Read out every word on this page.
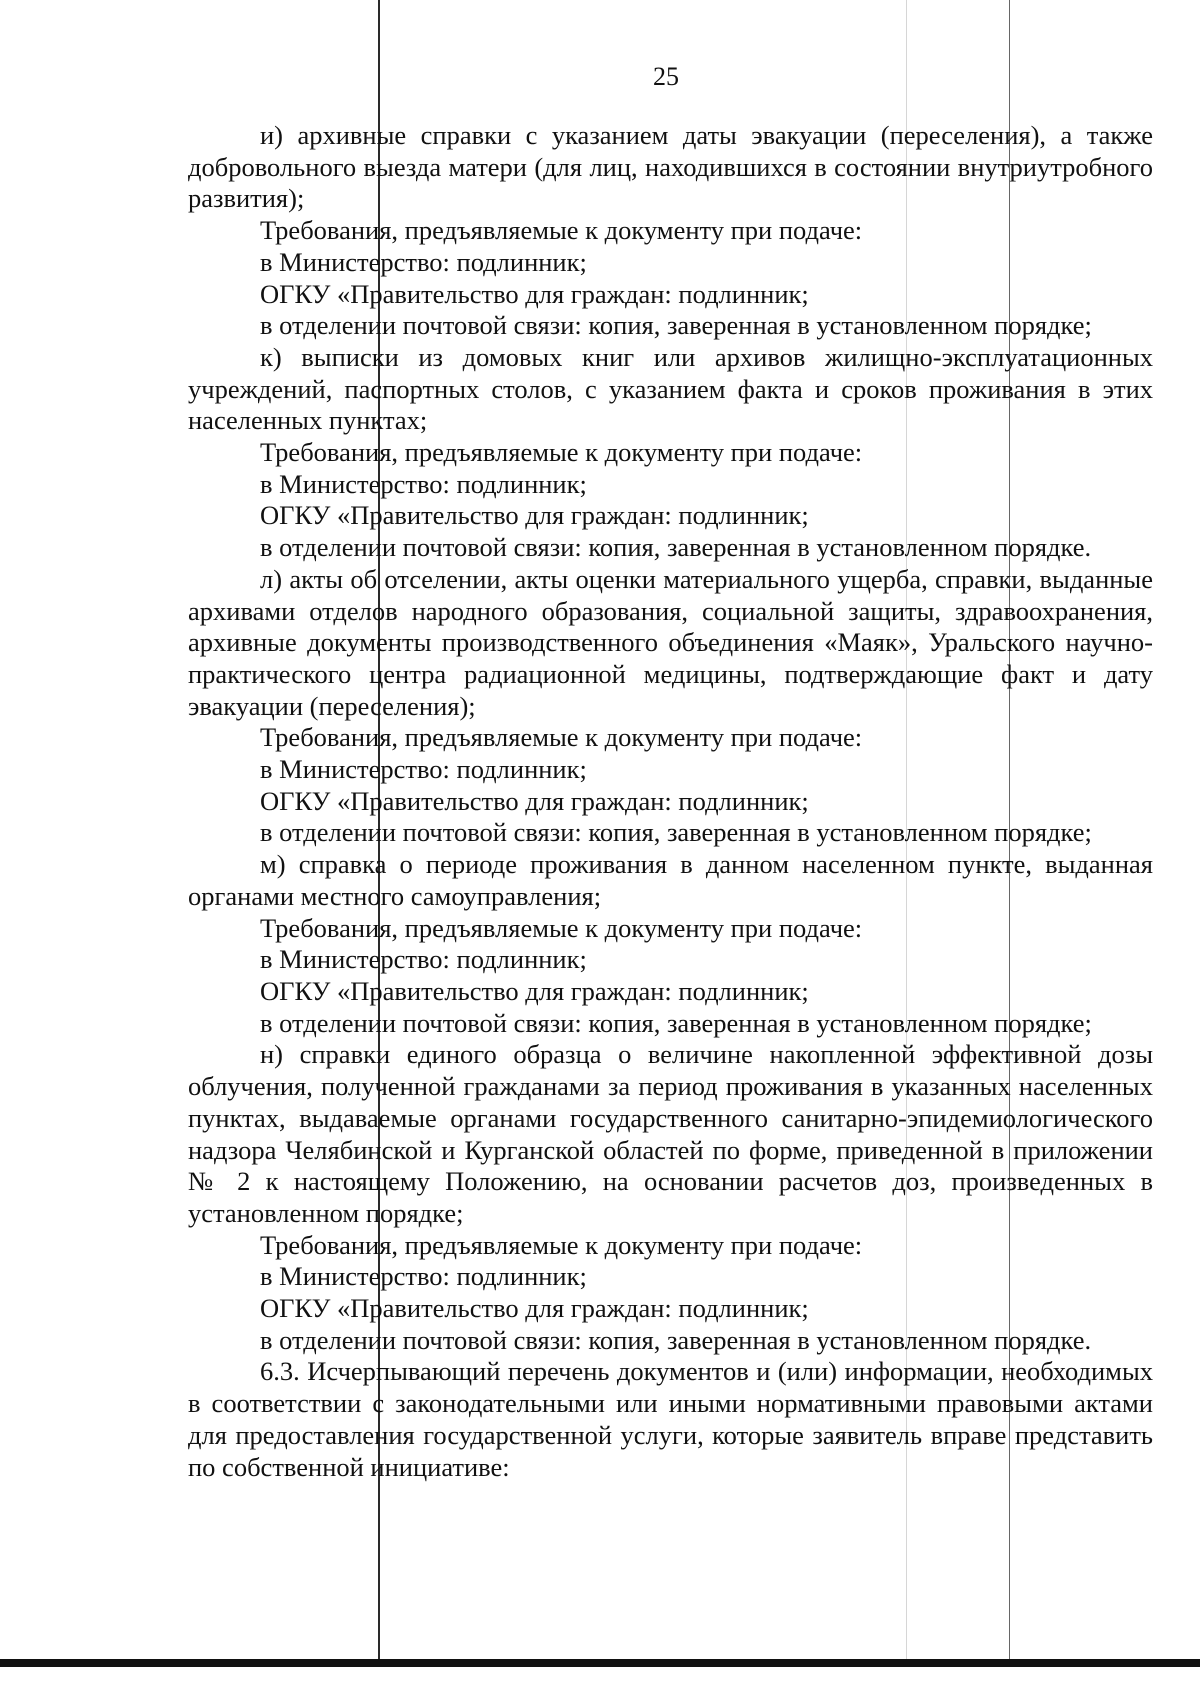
25

и) архивные справки с указанием даты эвакуации (переселения), а также добровольного выезда матери (для лиц, находившихся в состоянии внутриутробного развития);

Требования, предъявляемые к документу при подаче:

в Министерство: подлинник;

ОГКУ «Правительство для граждан: подлинник;

в отделении почтовой связи: копия, заверенная в установленном порядке;

к) выписки из домовых книг или архивов жилищно-эксплуатационных учреждений, паспортных столов, с указанием факта и сроков проживания в этих населенных пунктах;

Требования, предъявляемые к документу при подаче:

в Министерство: подлинник;

ОГКУ «Правительство для граждан: подлинник;

в отделении почтовой связи: копия, заверенная в установленном порядке.

л) акты об отселении, акты оценки материального ущерба, справки, выданные архивами отделов народного образования, социальной защиты, здравоохранения, архивные документы производственного объединения «Маяк», Уральского научно-практического центра радиационной медицины, подтверждающие факт и дату эвакуации (переселения);

Требования, предъявляемые к документу при подаче:

в Министерство: подлинник;

ОГКУ «Правительство для граждан: подлинник;

в отделении почтовой связи: копия, заверенная в установленном порядке;

м) справка о периоде проживания в данном населенном пункте, выданная органами местного самоуправления;

Требования, предъявляемые к документу при подаче:

в Министерство: подлинник;

ОГКУ «Правительство для граждан: подлинник;

в отделении почтовой связи: копия, заверенная в установленном порядке;

н) справки единого образца о величине накопленной эффективной дозы облучения, полученной гражданами за период проживания в указанных населенных пунктах, выдаваемые органами государственного санитарно-эпидемиологического надзора Челябинской и Курганской областей по форме, приведенной в приложении № 2 к настоящему Положению, на основании расчетов доз, произведенных в установленном порядке;

Требования, предъявляемые к документу при подаче:

в Министерство: подлинник;

ОГКУ «Правительство для граждан: подлинник;

в отделении почтовой связи: копия, заверенная в установленном порядке.

6.3. Исчерпывающий перечень документов и (или) информации, необходимых в соответствии с законодательными или иными нормативными правовыми актами для предоставления государственной услуги, которые заявитель вправе представить по собственной инициативе:
